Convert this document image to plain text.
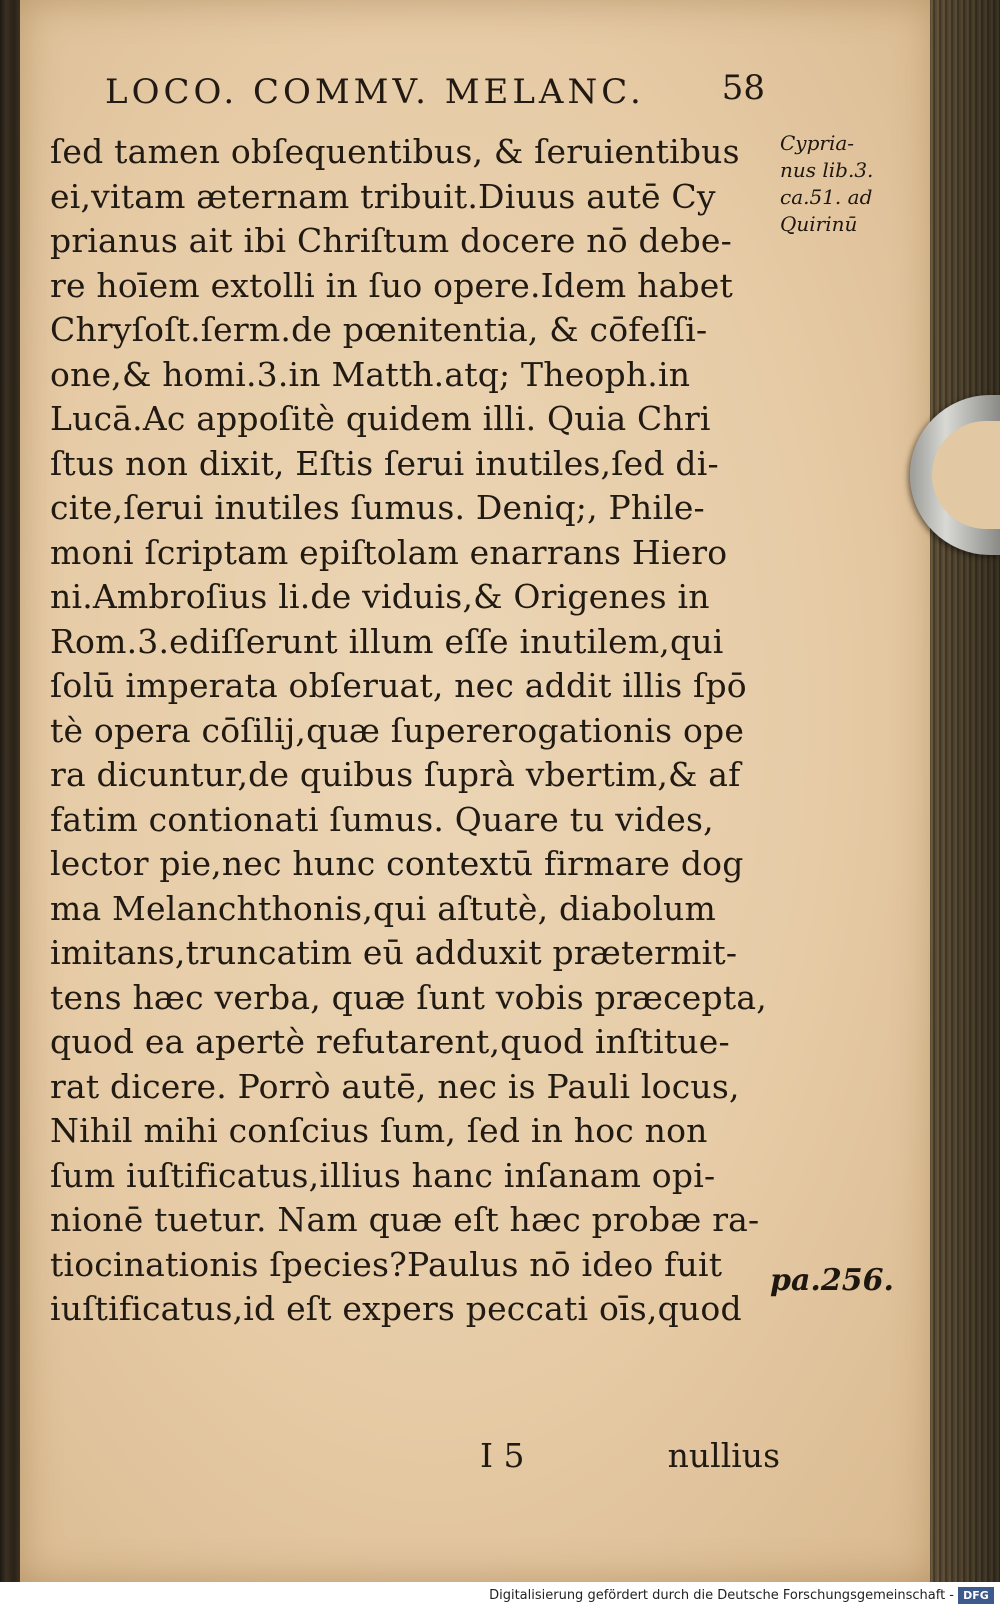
LOCO. COMMV. MELANC. 58
ſed tamen obſequentibus, & ſeruientibus
ei,vitam æternam tribuit.Diuus autē Cy
prianus ait ibi Chriſtum docere nō debe-
re hoīem extolli in ſuo opere.Idem habet
Chryſoſt.ſerm.de pœnitentia, & cōfeſſi-
one,& homi.3.in Matth.atq; Theoph.in
Lucā.Ac appoſitè quidem illi. Quia Chri
ſtus non dixit, Eſtis ſerui inutiles,ſed di-
cite,ſerui inutiles ſumus. Deniq;, Phile-
moni ſcriptam epiſtolam enarrans Hiero
ni.Ambroſius li.de viduis,& Origenes in
Rom.3.ediſſerunt illum eſſe inutilem,qui
ſolū imperata obſeruat, nec addit illis ſpō
tè opera cōſilij,quæ ſupererogationis ope
ra dicuntur,de quibus ſuprà vbertim,& af
fatim contionati ſumus. Quare tu vides,
lector pie,nec hunc contextū firmare dog
ma Melanchthonis,qui aſtutè, diabolum
imitans,truncatim eū adduxit prætermit-
tens hæc verba, quæ ſunt vobis præcepta,
quod ea apertè refutarent,quod inſtitue-
rat dicere. Porrò autē, nec is Pauli locus,
Nihil mihi conſcius ſum, ſed in hoc non
ſum iuſtificatus,illius hanc inſanam opi-
nionē tuetur. Nam quæ eſt hæc probæ ra-
tiocinationis ſpecies?Paulus nō ideo fuit
iuſtificatus,id eſt expers peccati oīs,quod
Cypria-
nus lib.3.
ca.51. ad
Quirinū
pa.256.
I 5	nullius
Digitalisierung gefördert durch die Deutsche Forschungsgemeinschaft - DFG
